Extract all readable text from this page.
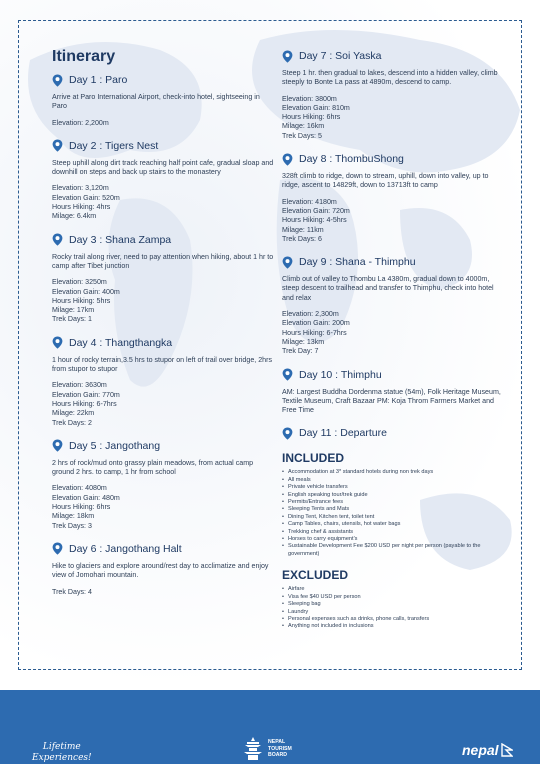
Itinerary
Day 1 : Paro
Arrive at Paro International Airport, check-into hotel, sightseeing in Paro
Elevation: 2,200m
Day 2 : Tigers Nest
Steep uphill along dirt track reaching half point cafe, gradual sloap and downhill on steps and back up stairs to the monastery
Elevation: 3,120m
Elevation Gain: 520m
Hours Hiking: 4hrs
Milage: 6.4km
Day 3 : Shana Zampa
Rocky trail along river, need to pay attention when hiking, about 1 hr to camp after Tibet junction
Elevation: 3250m
Elevation Gain: 400m
Hours Hiking: 5hrs
Milage: 17km
Trek Days: 1
Day 4 : Thangthangka
1 hour of rocky terrain,3.5 hrs to stupor on left of trail over bridge, 2hrs from stupor to stupor
Elevation: 3630m
Elevation Gain: 770m
Hours Hiking: 6-7hrs
Milage: 22km
Trek Days: 2
Day 5 : Jangothang
2 hrs of rock/mud onto grassy plain meadows, from actual camp ground 2 hrs. to camp, 1 hr from school
Elevation: 4080m
Elevation Gain: 480m
Hours Hiking: 6hrs
Milage: 18km
Trek Days: 3
Day 6 : Jangothang Halt
Hike to glaciers and explore around/rest day to acclimatize and enjoy view of Jomohari mountain.
Trek Days: 4
Day 7 : Soi Yaska
Steep 1 hr. then gradual to lakes, descend into a hidden valley, climb steeply to Bonte La pass at 4890m, descend to camp.
Elevation: 3800m
Elevation Gain: 810m
Hours Hiking: 6hrs
Milage: 16km
Trek Days: 5
Day 8 : ThombuShong
328ft climb to ridge, down to stream, uphill, down into valley, up to ridge, ascent to 14829ft, down to 13713ft to camp
Elevation: 4180m
Elevation Gain: 720m
Hours Hiking: 4-5hrs
Milage: 11km
Trek Days: 6
Day 9 : Shana - Thimphu
Climb out of valley to Thombu La 4380m, gradual down to 4000m, steep descent to trailhead and transfer to Thimphu, check into hotel and relax
Elevation: 2,300m
Elevation Gain: 200m
Hours Hiking: 6-7hrs
Milage: 13km
Trek Day: 7
Day 10 : Thimphu
AM: Largest Buddha Dordenma statue (54m), Folk Heritage Museum, Textile Museum, Craft Bazaar PM: Koja Throm Farmers Market and Free Time
Day 11 : Departure
INCLUDED
• Accommodation at 3* standard hotels during non trek days
• All meals
• Private vehicle transfers
• English speaking tour/trek guide
• Permits/Entrance fees
• Sleeping Tents and Mats
• Dining Tent, Kitchen tent, toilet tent
• Camp Tables, chairs, utensils, hot water bags
• Trekking chef & assistants
• Horses to carry equipment's
• Sustainable Development Fee $200 USD per night per person (payable to the government)
EXCLUDED
• Airfare
• Visa fee $40 USD per person
• Sleeping bag
• Laundry
• Personal expenses such as drinks, phone calls, transfers
• Anything not included in inclusions
Lifetime
Experiences!
NEPAL
TOURISM
BOARD	nepal
